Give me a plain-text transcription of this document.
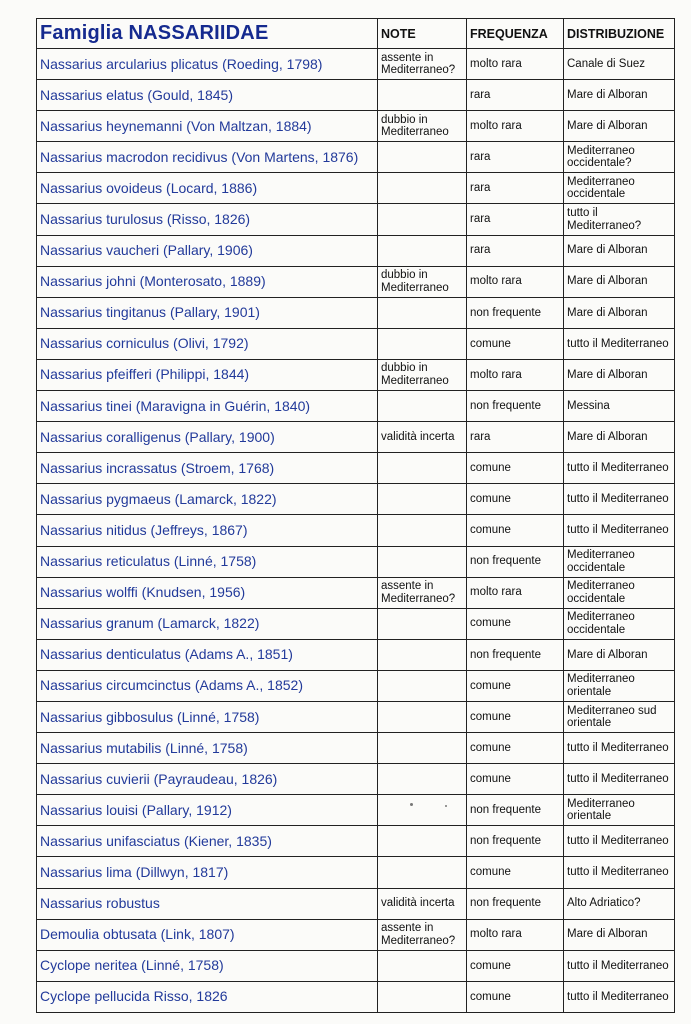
Famiglia NASSARIIDAE	NOTE	FREQUENZA	DISTRIBUZIONE
Nassarius arcularius plicatus (Roeding, 1798)	assente in Mediterraneo?	molto rara	Canale di Suez
Nassarius elatus (Gould, 1845)		rara	Mare di Alboran
Nassarius heynemanni (Von Maltzan, 1884)	dubbio in Mediterraneo	molto rara	Mare di Alboran
Nassarius macrodon recidivus (Von Martens, 1876)		rara	Mediterraneo occidentale?
Nassarius ovoideus (Locard, 1886)		rara	Mediterraneo occidentale
Nassarius turulosus (Risso, 1826)		rara	tutto il Mediterraneo?
Nassarius vaucheri (Pallary, 1906)		rara	Mare di Alboran
Nassarius johni (Monterosato, 1889)	dubbio in Mediterraneo	molto rara	Mare di Alboran
Nassarius tingitanus (Pallary, 1901)		non frequente	Mare di Alboran
Nassarius corniculus (Olivi, 1792)		comune	tutto il Mediterraneo
Nassarius pfeifferi (Philippi, 1844)	dubbio in Mediterraneo	molto rara	Mare di Alboran
Nassarius tinei (Maravigna in Guérin, 1840)		non frequente	Messina
Nassarius coralligenus (Pallary, 1900)	validità incerta	rara	Mare di Alboran
Nassarius incrassatus (Stroem, 1768)		comune	tutto il Mediterraneo
Nassarius pygmaeus (Lamarck, 1822)		comune	tutto il Mediterraneo
Nassarius nitidus (Jeffreys, 1867)		comune	tutto il Mediterraneo
Nassarius reticulatus (Linné, 1758)		non frequente	Mediterraneo occidentale
Nassarius wolffi (Knudsen, 1956)	assente in Mediterraneo?	molto rara	Mediterraneo occidentale
Nassarius granum (Lamarck, 1822)		comune	Mediterraneo occidentale
Nassarius denticulatus (Adams A., 1851)		non frequente	Mare di Alboran
Nassarius circumcinctus (Adams A., 1852)		comune	Mediterraneo orientale
Nassarius gibbosulus (Linné, 1758)		comune	Mediterraneo sud orientale
Nassarius mutabilis (Linné, 1758)		comune	tutto il Mediterraneo
Nassarius cuvierii (Payraudeau, 1826)		comune	tutto il Mediterraneo
Nassarius louisi (Pallary, 1912)		non frequente	Mediterraneo orientale
Nassarius unifasciatus (Kiener, 1835)		non frequente	tutto il Mediterraneo
Nassarius lima (Dillwyn, 1817)		comune	tutto il Mediterraneo
Nassarius robustus	validità incerta	non frequente	Alto Adriatico?
Demoulia obtusata (Link, 1807)	assente in Mediterraneo?	molto rara	Mare di Alboran
Cyclope neritea (Linné, 1758)		comune	tutto il Mediterraneo
Cyclope pellucida Risso, 1826		comune	tutto il Mediterraneo
